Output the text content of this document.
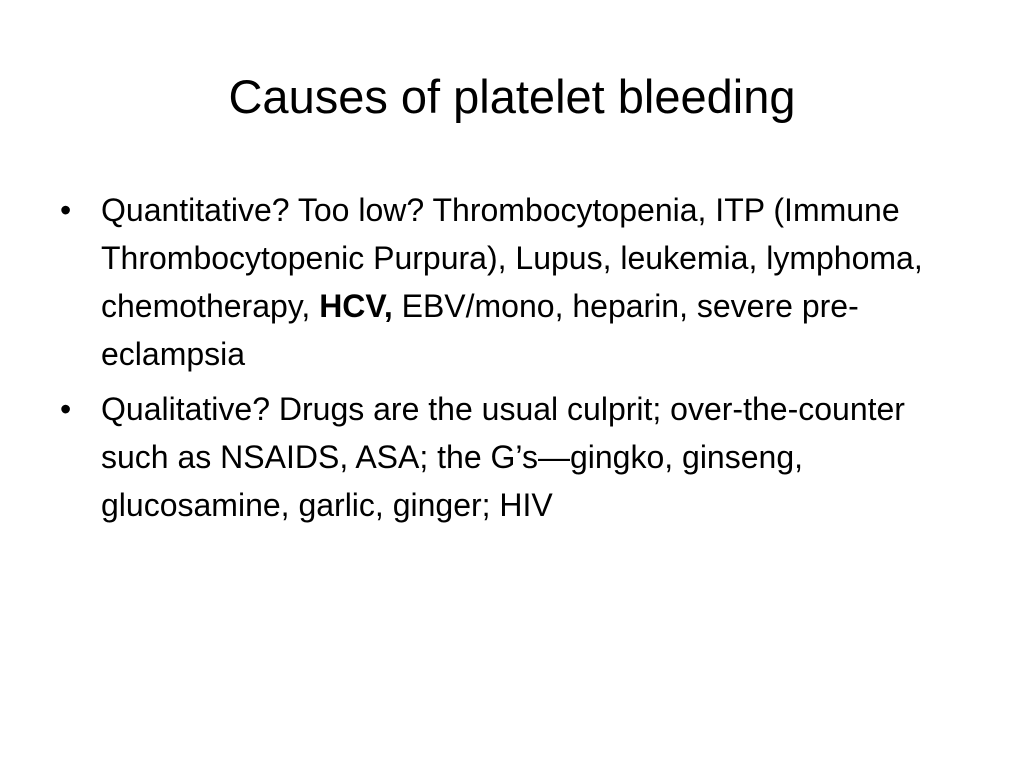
Causes of platelet bleeding
• Quantitative? Too low? Thrombocytopenia, ITP (Immune Thrombocytopenic Purpura), Lupus, leukemia, lymphoma, chemotherapy, HCV, EBV/mono, heparin, severe pre-eclampsia
• Qualitative? Drugs are the usual culprit; over-the-counter such as NSAIDS, ASA; the G’s—gingko, ginseng, glucosamine, garlic, ginger; HIV
